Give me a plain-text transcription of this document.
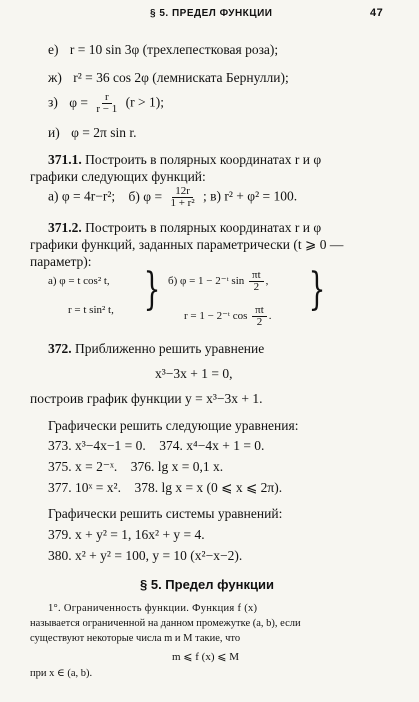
§ 5. ПРЕДЕЛ ФУНКЦИИ	47
е) r = 10 sin 3φ (трехлепестковая роза);
ж) r² = 36 cos 2φ (лемниската Бернулли);
з) $\varphi = \frac{r}{r - 1} (r > 1)$;
и) φ = 2π sin r.
371.1. Построить в полярных координатах r и φ
графики следующих функций:
а) φ = 4r−r²; б) $\varphi = \frac{12r}{\text{1 + r²}}$ ; в) r² + φ² = 100.
371.2. Построить в полярных координатах r и φ
графики функций, заданных параметрически (t ⩾ 0 —
параметр):
а) φ = t cos² t,
r = t sin² t, } б) φ = 1 − 2⁻ᵗ $\sin \frac{\pi t}{2}$ ,
r = 1 − 2⁻ᵗ $\cos \frac{\pi t}{2}$ .
}
372. Приближенно решить уравнение
x³−3x + 1 = 0,
построив график функции y = x³−3x + 1.
Графически решить следующие уравнения:
373. x³−4x−1 = 0.    374. x⁴−4x + 1 = 0.
375. x = 2⁻ˣ.    376. lg x = 0,1 x.
377. 10ˣ = x².    378. lg x = x (0 ⩽ x ⩽ 2π).
Графически решить системы уравнений:
379. x + y² = 1, 16x² + y = 4.
380. x² + y² = 100, y = 10 (x²−x−2).
§ 5. Предел функции
1°. Ограниченность функции. Функция f (x)
называется ограниченной на данном промежутке (a, b), если
существуют некоторые числа m и M такие, что
m ⩽ f (x) ⩽ M
при x ∈ (a, b).
